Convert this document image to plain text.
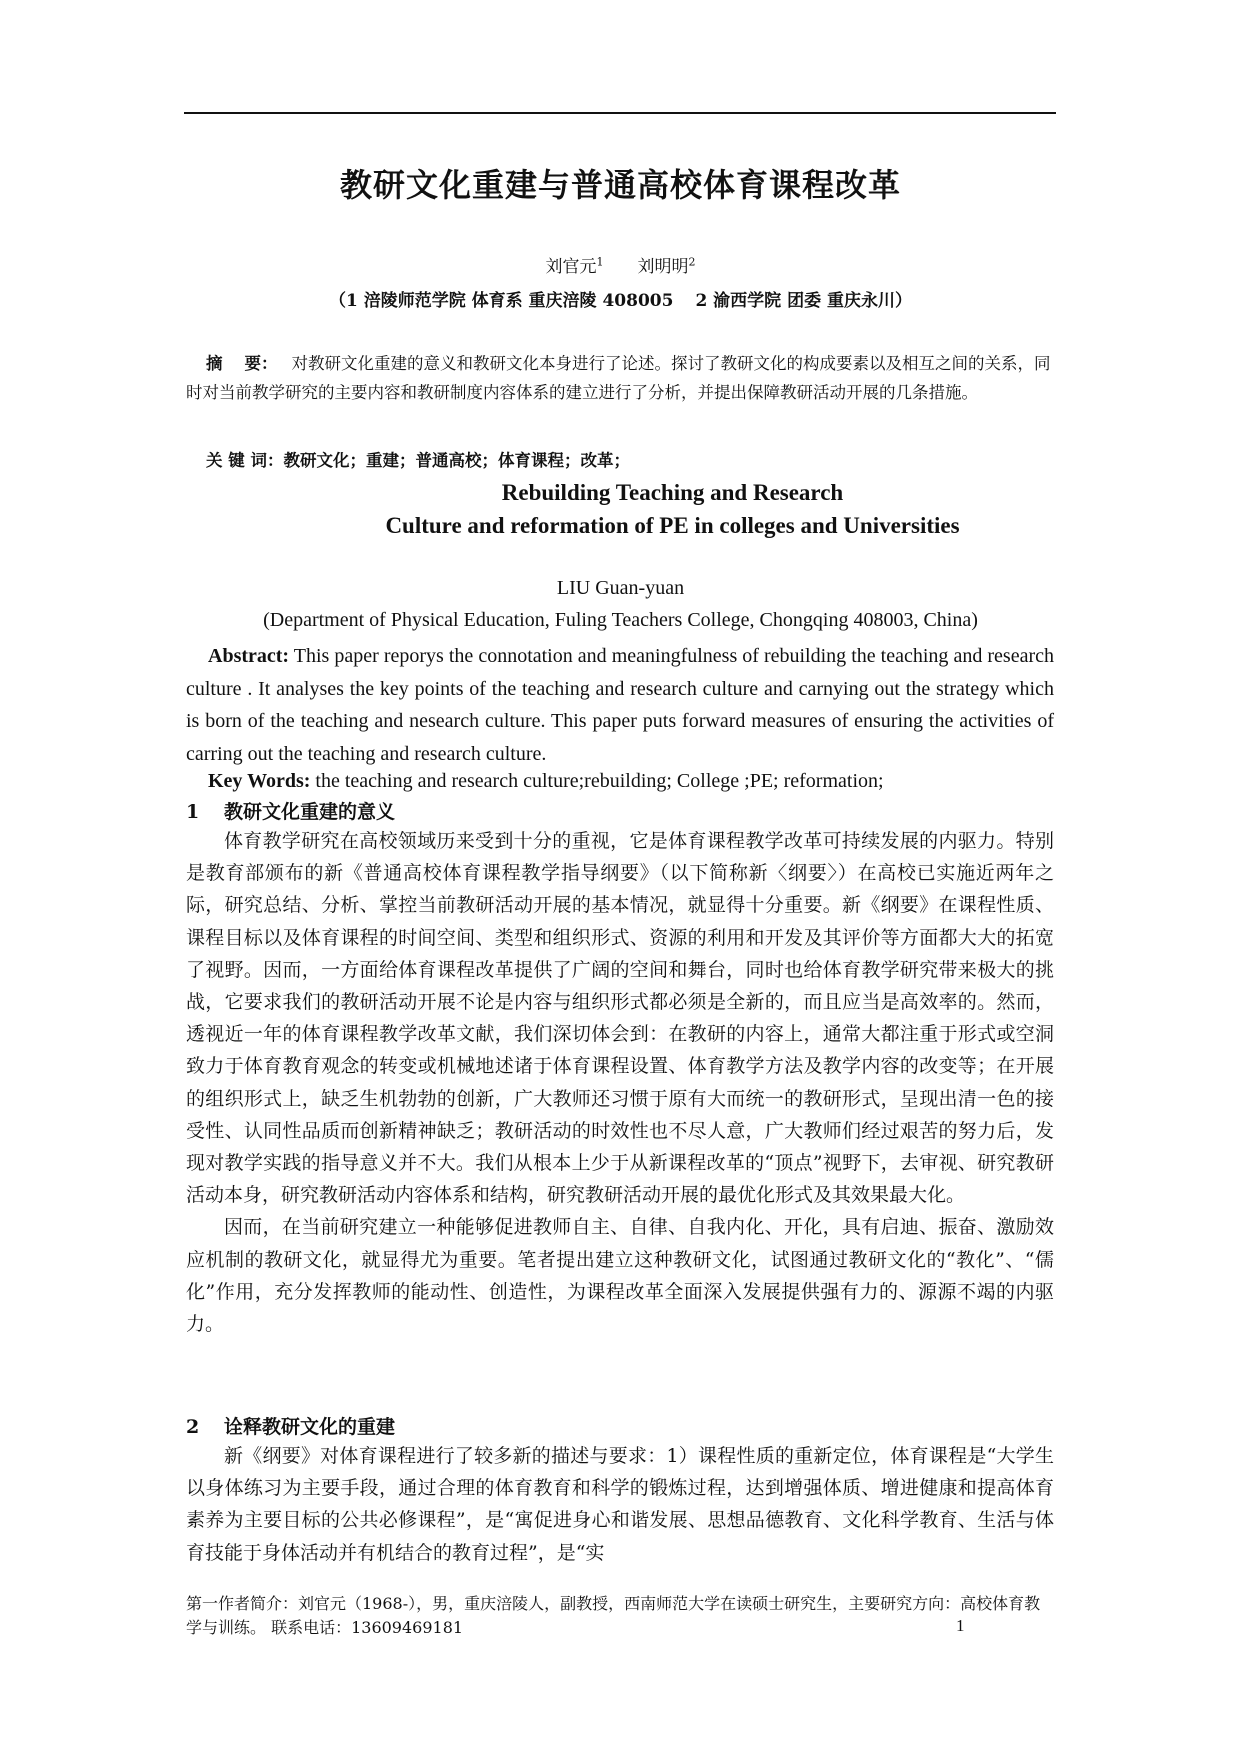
教研文化重建与普通高校体育课程改革
刘官元$^1$ 刘明明$^2$
（1 涪陵师范学院 体育系 重庆涪陵 408005 2 渝西学院 团委 重庆永川）
摘 要： 对教研文化重建的意义和教研文化本身进行了论述。探讨了教研文化的构成要素以及相互之间的关系，同时对当前教学研究的主要内容和教研制度内容体系的建立进行了分析，并提出保障教研活动开展的几条措施。
关 键 词：教研文化；重建；普通高校；体育课程；改革；
Rebuilding Teaching and Research
Culture and reformation of PE in colleges and Universities
LIU Guan-yuan
(Department of Physical Education, Fuling Teachers College, Chongqing 408003, China)
Abstract: This paper reporys the connotation and meaningfulness of rebuilding the teaching and research culture . It analyses the key points of the teaching and research culture and carnying out the strategy which is born of the teaching and nesearch culture. This paper puts forward measures of ensuring the activities of carring out the teaching and research culture.
Key Words: the teaching and research culture;rebuilding; College ;PE; reformation;
1 教研文化重建的意义

体育教学研究在高校领域历来受到十分的重视，它是体育课程教学改革可持续发展的内驱力。特别是教育部颁布的新《普通高校体育课程教学指导纲要》（以下简称新〈纲要〉）在高校已实施近两年之际，研究总结、分析、掌控当前教研活动开展的基本情况，就显得十分重要。新《纲要》在课程性质、课程目标以及体育课程的时间空间、类型和组织形式、资源的利用和开发及其评价等方面都大大的拓宽了视野。因而，一方面给体育课程改革提供了广阔的空间和舞台，同时也给体育教学研究带来极大的挑战，它要求我们的教研活动开展不论是内容与组织形式都必须是全新的，而且应当是高效率的。然而，透视近一年的体育课程教学改革文献，我们深切体会到：在教研的内容上，通常大都注重于形式或空洞致力于体育教育观念的转变或机械地述诸于体育课程设置、体育教学方法及教学内容的改变等；在开展的组织形式上，缺乏生机勃勃的创新，广大教师还习惯于原有大而统一的教研形式，呈现出清一色的接受性、认同性品质而创新精神缺乏；教研活动的时效性也不尽人意，广大教师们经过艰苦的努力后，发现对教学实践的指导意义并不大。我们从根本上少于从新课程改革的“顶点”视野下，去审视、研究教研活动本身，研究教研活动内容体系和结构，研究教研活动开展的最优化形式及其效果最大化。

因而，在当前研究建立一种能够促进教师自主、自律、自我内化、开化，具有启迪、振奋、激励效应机制的教研文化，就显得尤为重要。笔者提出建立这种教研文化，试图通过教研文化的“教化”、“儒化”作用，充分发挥教师的能动性、创造性，为课程改革全面深入发展提供强有力的、源源不竭的内驱力。

2 诠释教研文化的重建

新《纲要》对体育课程进行了较多新的描述与要求：1）课程性质的重新定位，体育课程是“大学生以身体练习为主要手段，通过合理的体育教育和科学的锻炼过程，达到增强体质、增进健康和提高体育素养为主要目标的公共必修课程”，是“寓促进身心和谐发展、思想品德教育、文化科学教育、生活与体育技能于身体活动并有机结合的教育过程”，是“实

第一作者简介：刘官元（1968-），男，重庆涪陵人，副教授，西南师范大学在读硕士研究生，主要研究方向：高校体育教学与训练。 联系电话：13609469181	1
